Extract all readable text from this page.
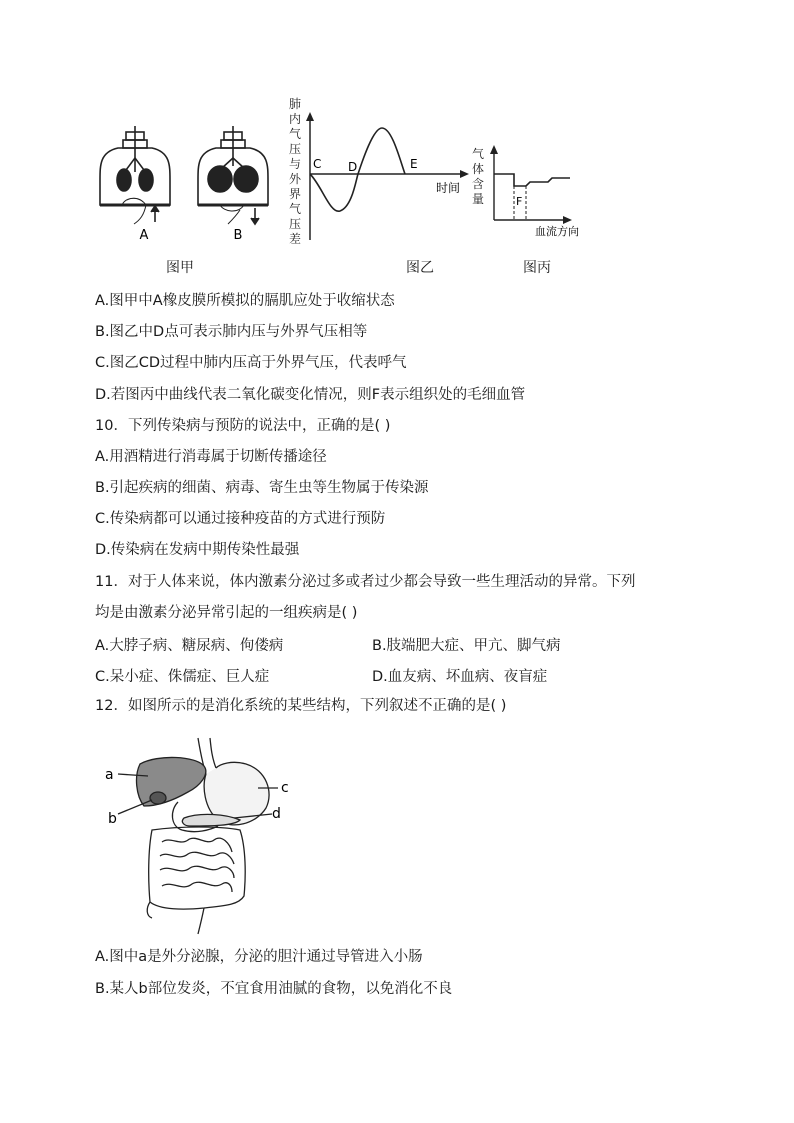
A	B
肺内气 压与外 界气压 差
C D	E
时间
气体 含量	F
血流方向
图甲	图乙	图丙
A.图甲中A橡皮膜所模拟的膈肌应处于收缩状态
B.图乙中D点可表示肺内压与外界气压相等
C.图乙CD过程中肺内压高于外界气压，代表呼气
D.若图丙中曲线代表二氧化碳变化情况，则F表示组织处的毛细血管
10．下列传染病与预防的说法中，正确的是( )
A.用酒精进行消毒属于切断传播途径
B.引起疾病的细菌、病毒、寄生虫等生物属于传染源
C.传染病都可以通过接种疫苗的方式进行预防
D.传染病在发病中期传染性最强
11．对于人体来说，体内激素分泌过多或者过少都会导致一些生理活动的异常。下列
均是由激素分泌异常引起的一组疾病是( )
A.大脖子病、糖尿病、佝偻病	B.肢端肥大症、甲亢、脚气病
C.呆小症、侏儒症、巨人症	D.血友病、坏血病、夜盲症
12．如图所示的是消化系统的某些结构，下列叙述不正确的是( )
a
b
c
d
A.图中a是外分泌腺，分泌的胆汁通过导管进入小肠
B.某人b部位发炎，不宜食用油腻的食物，以免消化不良
